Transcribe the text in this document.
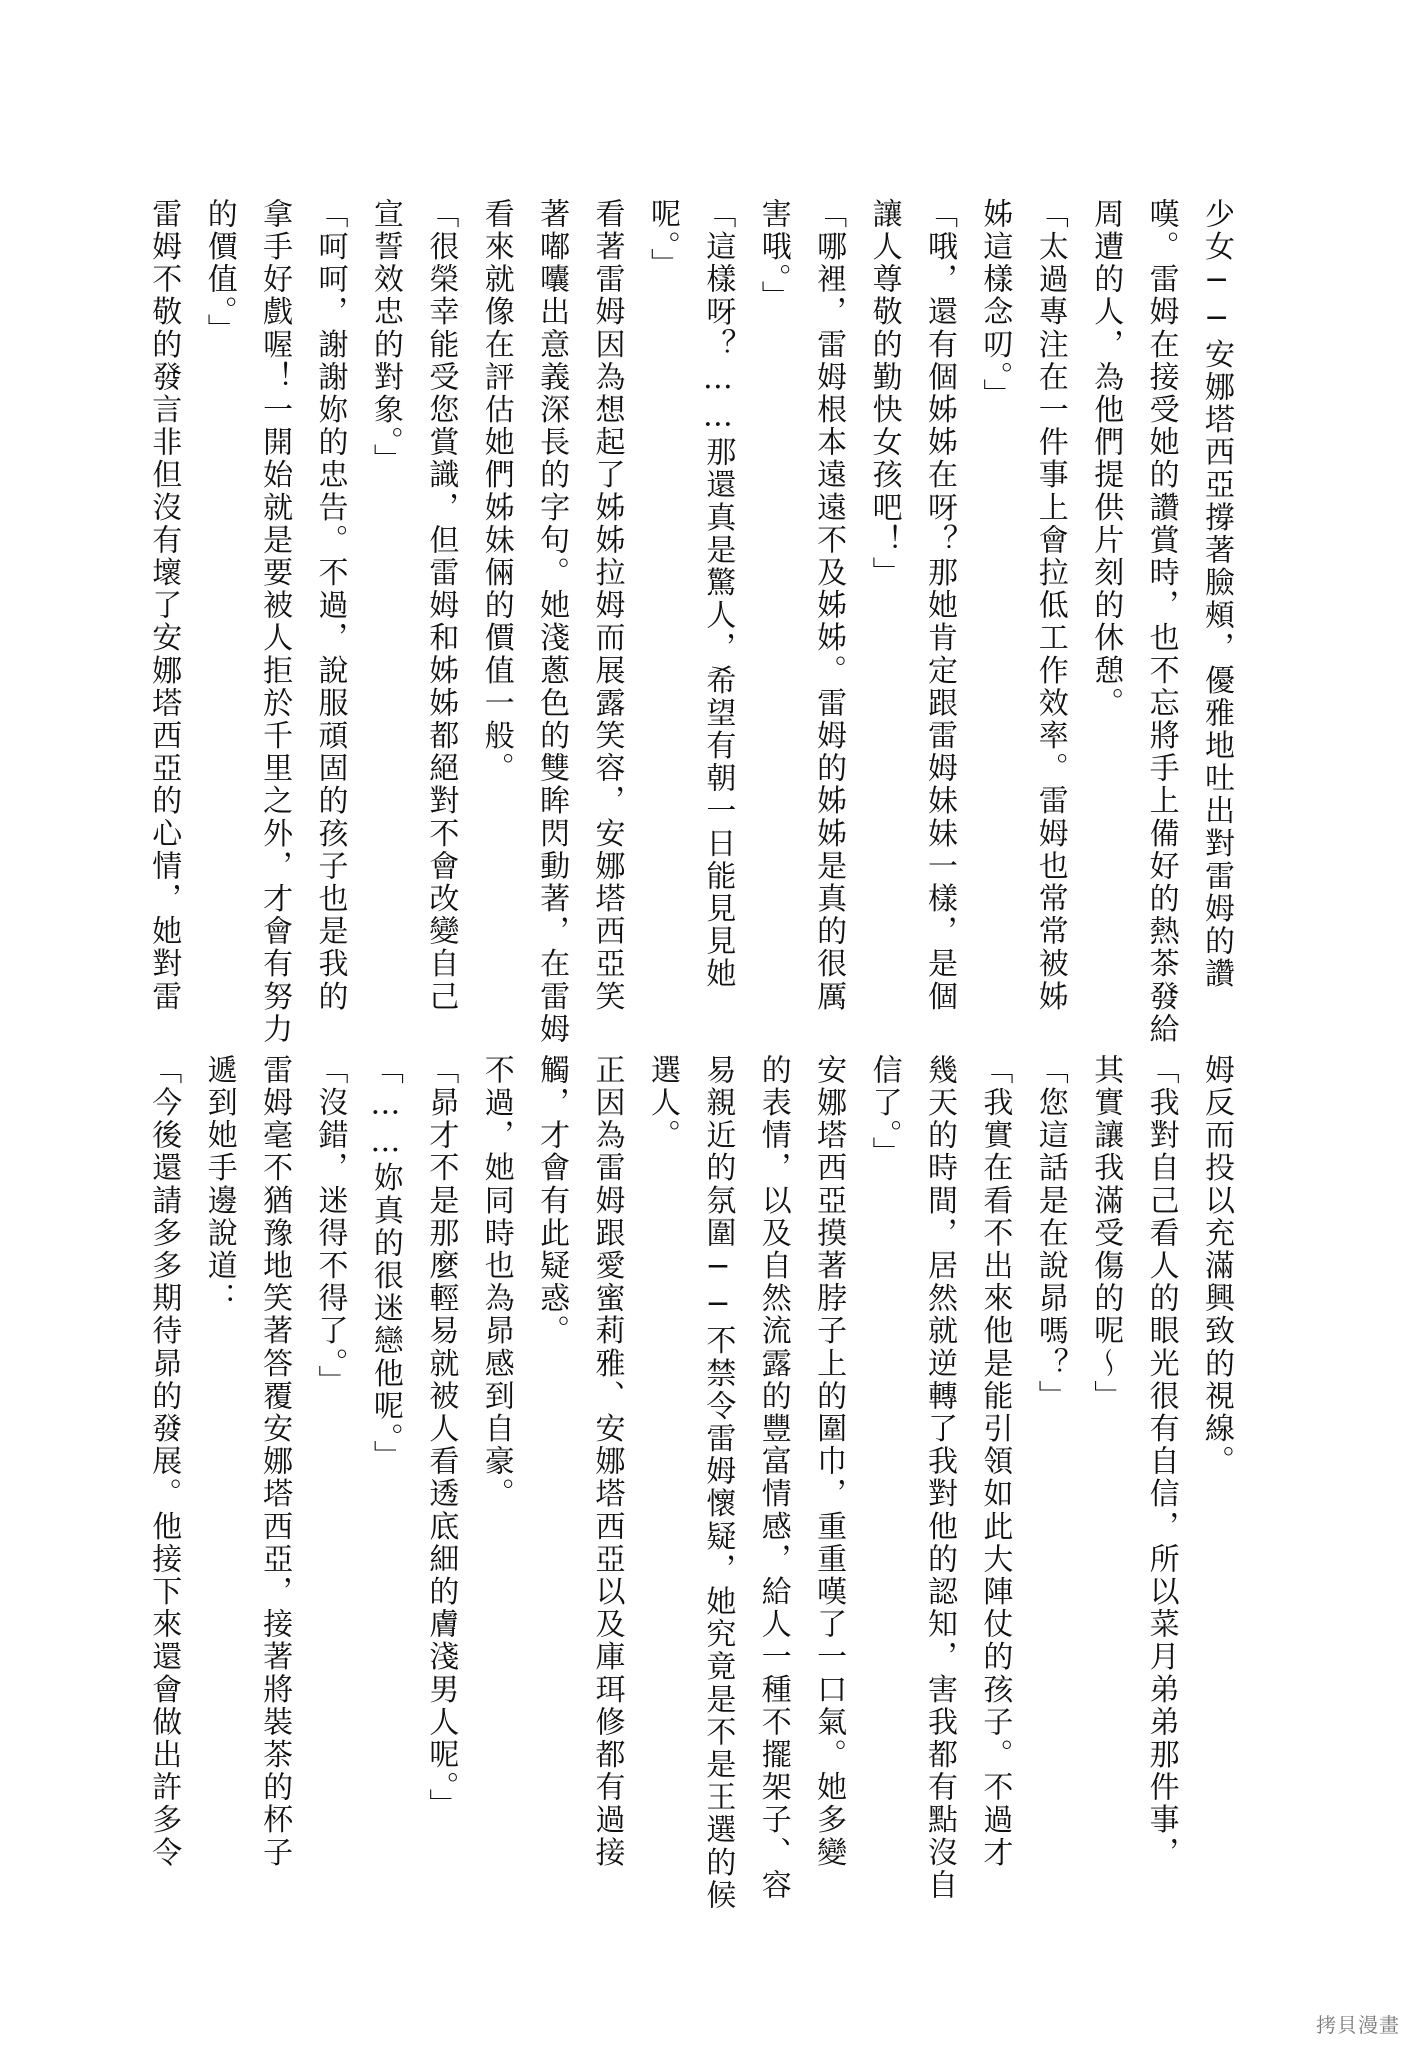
少女──安娜塔西亞撐著臉頰，優雅地吐出對雷姆的讚
嘆。雷姆在接受她的讚賞時，也不忘將手上備好的熱茶發給
周遭的人，為他們提供片刻的休憩。
「太過專注在一件事上會拉低工作效率。雷姆也常常被姊
姊這樣念叨。」
「哦，還有個姊姊在呀？那她肯定跟雷姆妹妹一樣，是個
讓人尊敬的勤快女孩吧！」
「哪裡，雷姆根本遠遠不及姊姊。雷姆的姊姊是真的很厲
害哦。」
「這樣呀？……那還真是驚人，希望有朝一日能見見她
呢。」
看著雷姆因為想起了姊姊拉姆而展露笑容，安娜塔西亞笑
著嘟囔出意義深長的字句。她淺蔥色的雙眸閃動著，在雷姆
看來就像在評估她們姊妹倆的價值一般。
「很榮幸能受您賞識，但雷姆和姊姊都絕對不會改變自己
宣誓效忠的對象。」
「呵呵，謝謝妳的忠告。不過，說服頑固的孩子也是我的
拿手好戲喔！一開始就是要被人拒於千里之外，才會有努力
的價值。」
雷姆不敬的發言非但沒有壞了安娜塔西亞的心情，她對雷
姆反而投以充滿興致的視線。
「我對自己看人的眼光很有自信，所以菜月弟弟那件事，
其實讓我滿受傷的呢～」
「您這話是在說昴嗎？」
「我實在看不出來他是能引領如此大陣仗的孩子。不過才
幾天的時間，居然就逆轉了我對他的認知，害我都有點沒自
信了。」
安娜塔西亞摸著脖子上的圍巾，重重嘆了一口氣。她多變
的表情，以及自然流露的豐富情感，給人一種不擺架子、容
易親近的氛圍──不禁令雷姆懷疑，她究竟是不是王選的候
選人。
正因為雷姆跟愛蜜莉雅、安娜塔西亞以及庫珥修都有過接
觸，才會有此疑惑。
不過，她同時也為昴感到自豪。
「昴才不是那麼輕易就被人看透底細的膚淺男人呢。」
「……妳真的很迷戀他呢。」
「沒錯，迷得不得了。」
雷姆毫不猶豫地笑著答覆安娜塔西亞，接著將裝茶的杯子
遞到她手邊說道：
「今後還請多多期待昴的發展。他接下來還會做出許多令
拷貝漫畫
